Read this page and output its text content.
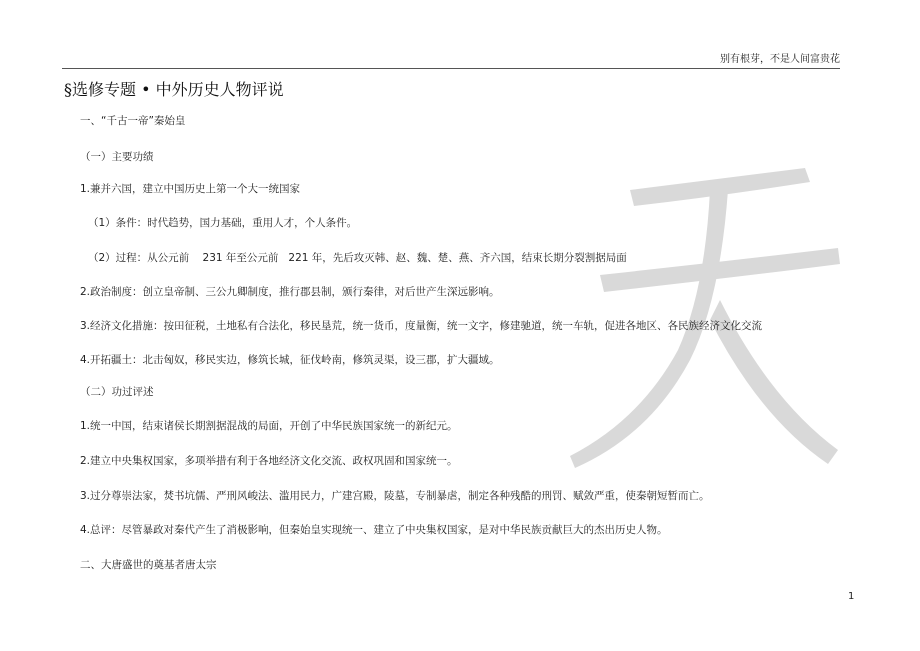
别有根芽，不是人间富贵花
§选修专题 • 中外历史人物评说
一、“千古一帝”秦始皇
（一）主要功绩
1.兼并六国，建立中国历史上第一个大一统国家
（1）条件：时代趋势，国力基础，重用人才，个人条件。
（2）过程：从公元前    231 年至公元前   221 年，先后攻灭韩、赵、魏、楚、燕、齐六国，结束长期分裂割据局面
2.政治制度：创立皇帝制、三公九卿制度，推行郡县制，颁行秦律，对后世产生深远影响。
3.经济文化措施：按田征税，土地私有合法化，移民垦荒，统一货币，度量衡，统一文字，修建驰道，统一车轨，促进各地区、各民族经济文化交流
4.开拓疆土：北击匈奴，移民实边，修筑长城，征伐岭南，修筑灵渠，设三郡，扩大疆域。
（二）功过评述
1.统一中国，结束诸侯长期割据混战的局面，开创了中华民族国家统一的新纪元。
2.建立中央集权国家，多项举措有利于各地经济文化交流、政权巩固和国家统一。
3.过分尊崇法家，焚书坑儒、严刑风峻法、滥用民力，广建宫殿，陵墓，专制暴虐，制定各种残酷的刑罚、赋敛严重，使秦朝短暂而亡。
4.总评：尽管暴政对秦代产生了消极影响，但秦始皇实现统一、建立了中央集权国家，是对中华民族贡献巨大的杰出历史人物。
二、大唐盛世的奠基者唐太宗
1
